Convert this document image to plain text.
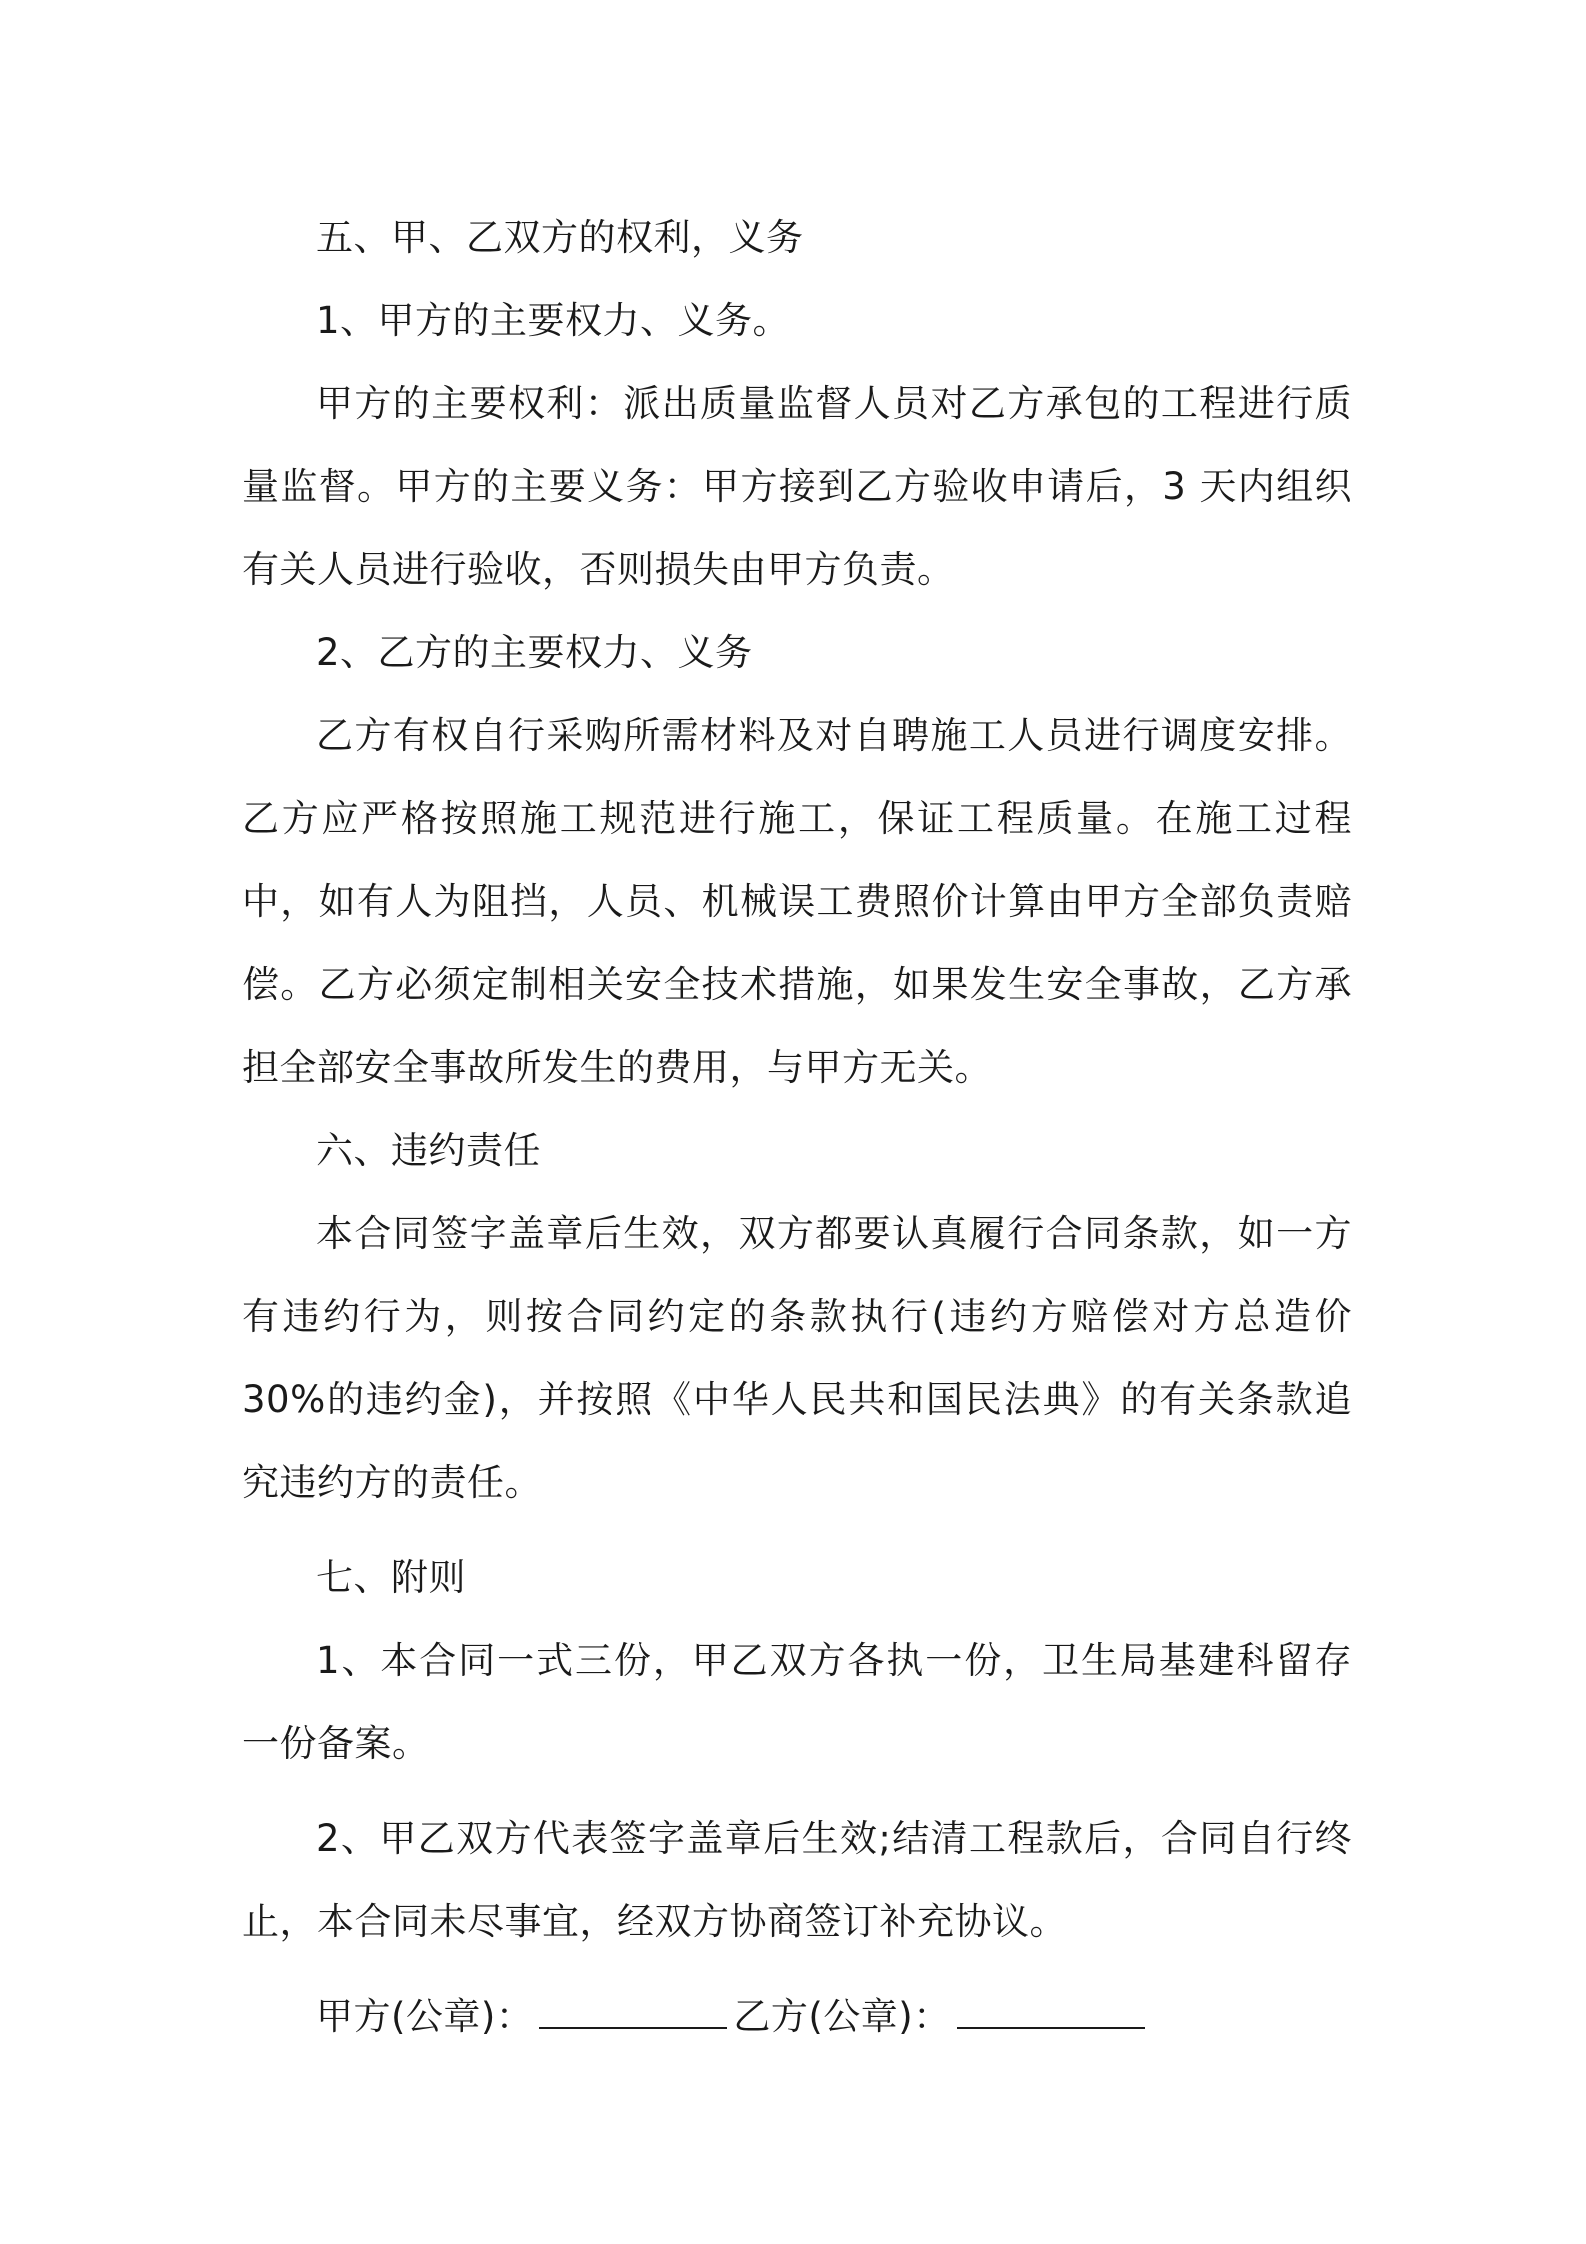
五、甲、乙双方的权利，义务

1、甲方的主要权力、义务。

甲方的主要权利：派出质量监督人员对乙方承包的工程进行质量监督。甲方的主要义务：甲方接到乙方验收申请后，3 天内组织有关人员进行验收，否则损失由甲方负责。

2、乙方的主要权力、义务

乙方有权自行采购所需材料及对自聘施工人员进行调度安排。乙方应严格按照施工规范进行施工，保证工程质量。在施工过程中，如有人为阻挡，人员、机械误工费照价计算由甲方全部负责赔偿。乙方必须定制相关安全技术措施，如果发生安全事故，乙方承担全部安全事故所发生的费用，与甲方无关。

六、违约责任

本合同签字盖章后生效，双方都要认真履行合同条款，如一方有违约行为，则按合同约定的条款执行(违约方赔偿对方总造价 30%的违约金)，并按照《中华人民共和国民法典》的有关条款追究违约方的责任。

七、附则

1、本合同一式三份，甲乙双方各执一份，卫生局基建科留存一份备案。

2、甲乙双方代表签字盖章后生效;结清工程款后，合同自行终止，本合同未尽事宜，经双方协商签订补充协议。

甲方(公章)：	乙方(公章)：
